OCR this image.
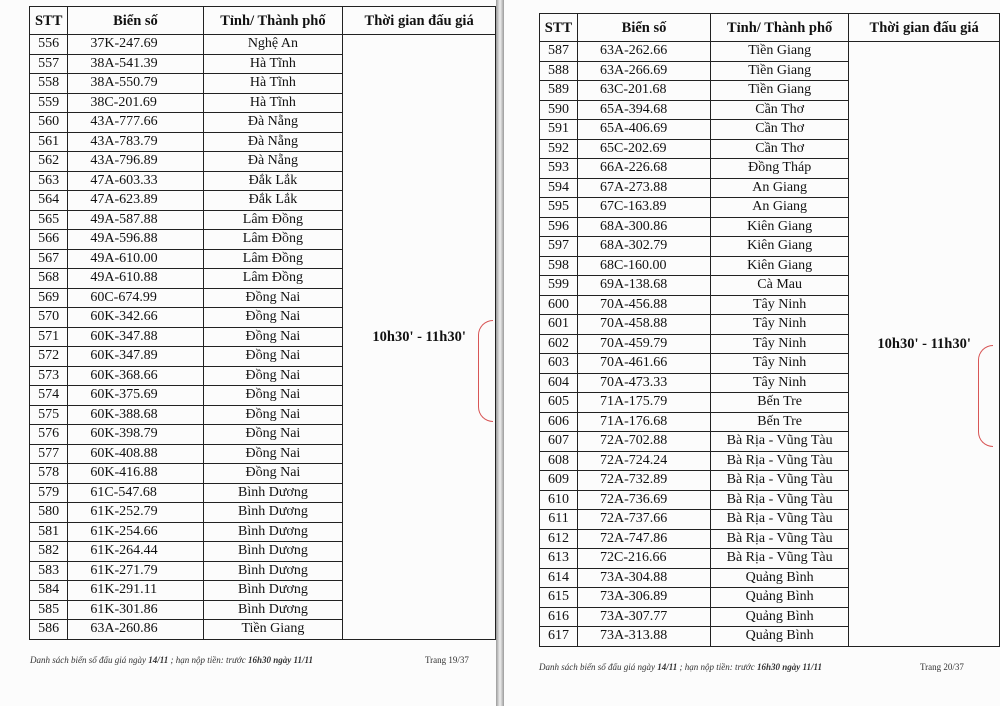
STT	Biển số	Tỉnh/ Thành phố	Thời gian đấu giá
556	37K-247.69	Nghệ An	10h30' - 11h30'
557	38A-541.39	Hà Tĩnh	
558	38A-550.79	Hà Tĩnh	
559	38C-201.69	Hà Tĩnh	
560	43A-777.66	Đà Nẵng	
561	43A-783.79	Đà Nẵng	
562	43A-796.89	Đà Nẵng	
563	47A-603.33	Đắk Lắk	
564	47A-623.89	Đắk Lắk	
565	49A-587.88	Lâm Đồng	
566	49A-596.88	Lâm Đồng	
567	49A-610.00	Lâm Đồng	
568	49A-610.88	Lâm Đồng	
569	60C-674.99	Đồng Nai	
570	60K-342.66	Đồng Nai	
571	60K-347.88	Đồng Nai	
572	60K-347.89	Đồng Nai	
573	60K-368.66	Đồng Nai	
574	60K-375.69	Đồng Nai	
575	60K-388.68	Đồng Nai	
576	60K-398.79	Đồng Nai	
577	60K-408.88	Đồng Nai	
578	60K-416.88	Đồng Nai	
579	61C-547.68	Bình Dương	
580	61K-252.79	Bình Dương	
581	61K-254.66	Bình Dương	
582	61K-264.44	Bình Dương	
583	61K-271.79	Bình Dương	
584	61K-291.11	Bình Dương	
585	61K-301.86	Bình Dương	
586	63A-260.86	Tiền Giang	
Danh sách biển số đấu giá ngày 14/11 ; hạn nộp tiền: trước 16h30 ngày 11/11	Trang 19/37
STT	Biển số	Tỉnh/ Thành phố	Thời gian đấu giá
587	63A-262.66	Tiền Giang	10h30' - 11h30'
588	63A-266.69	Tiền Giang	
589	63C-201.68	Tiền Giang	
590	65A-394.68	Cần Thơ	
591	65A-406.69	Cần Thơ	
592	65C-202.69	Cần Thơ	
593	66A-226.68	Đồng Tháp	
594	67A-273.88	An Giang	
595	67C-163.89	An Giang	
596	68A-300.86	Kiên Giang	
597	68A-302.79	Kiên Giang	
598	68C-160.00	Kiên Giang	
599	69A-138.68	Cà Mau	
600	70A-456.88	Tây Ninh	
601	70A-458.88	Tây Ninh	
602	70A-459.79	Tây Ninh	
603	70A-461.66	Tây Ninh	
604	70A-473.33	Tây Ninh	
605	71A-175.79	Bến Tre	
606	71A-176.68	Bến Tre	
607	72A-702.88	Bà Rịa - Vũng Tàu	
608	72A-724.24	Bà Rịa - Vũng Tàu	
609	72A-732.89	Bà Rịa - Vũng Tàu	
610	72A-736.69	Bà Rịa - Vũng Tàu	
611	72A-737.66	Bà Rịa - Vũng Tàu	
612	72A-747.86	Bà Rịa - Vũng Tàu	
613	72C-216.66	Bà Rịa - Vũng Tàu	
614	73A-304.88	Quảng Bình	
615	73A-306.89	Quảng Bình	
616	73A-307.77	Quảng Bình	
617	73A-313.88	Quảng Bình	
Danh sách biển số đấu giá ngày 14/11 ; hạn nộp tiền: trước 16h30 ngày 11/11	Trang 20/37
